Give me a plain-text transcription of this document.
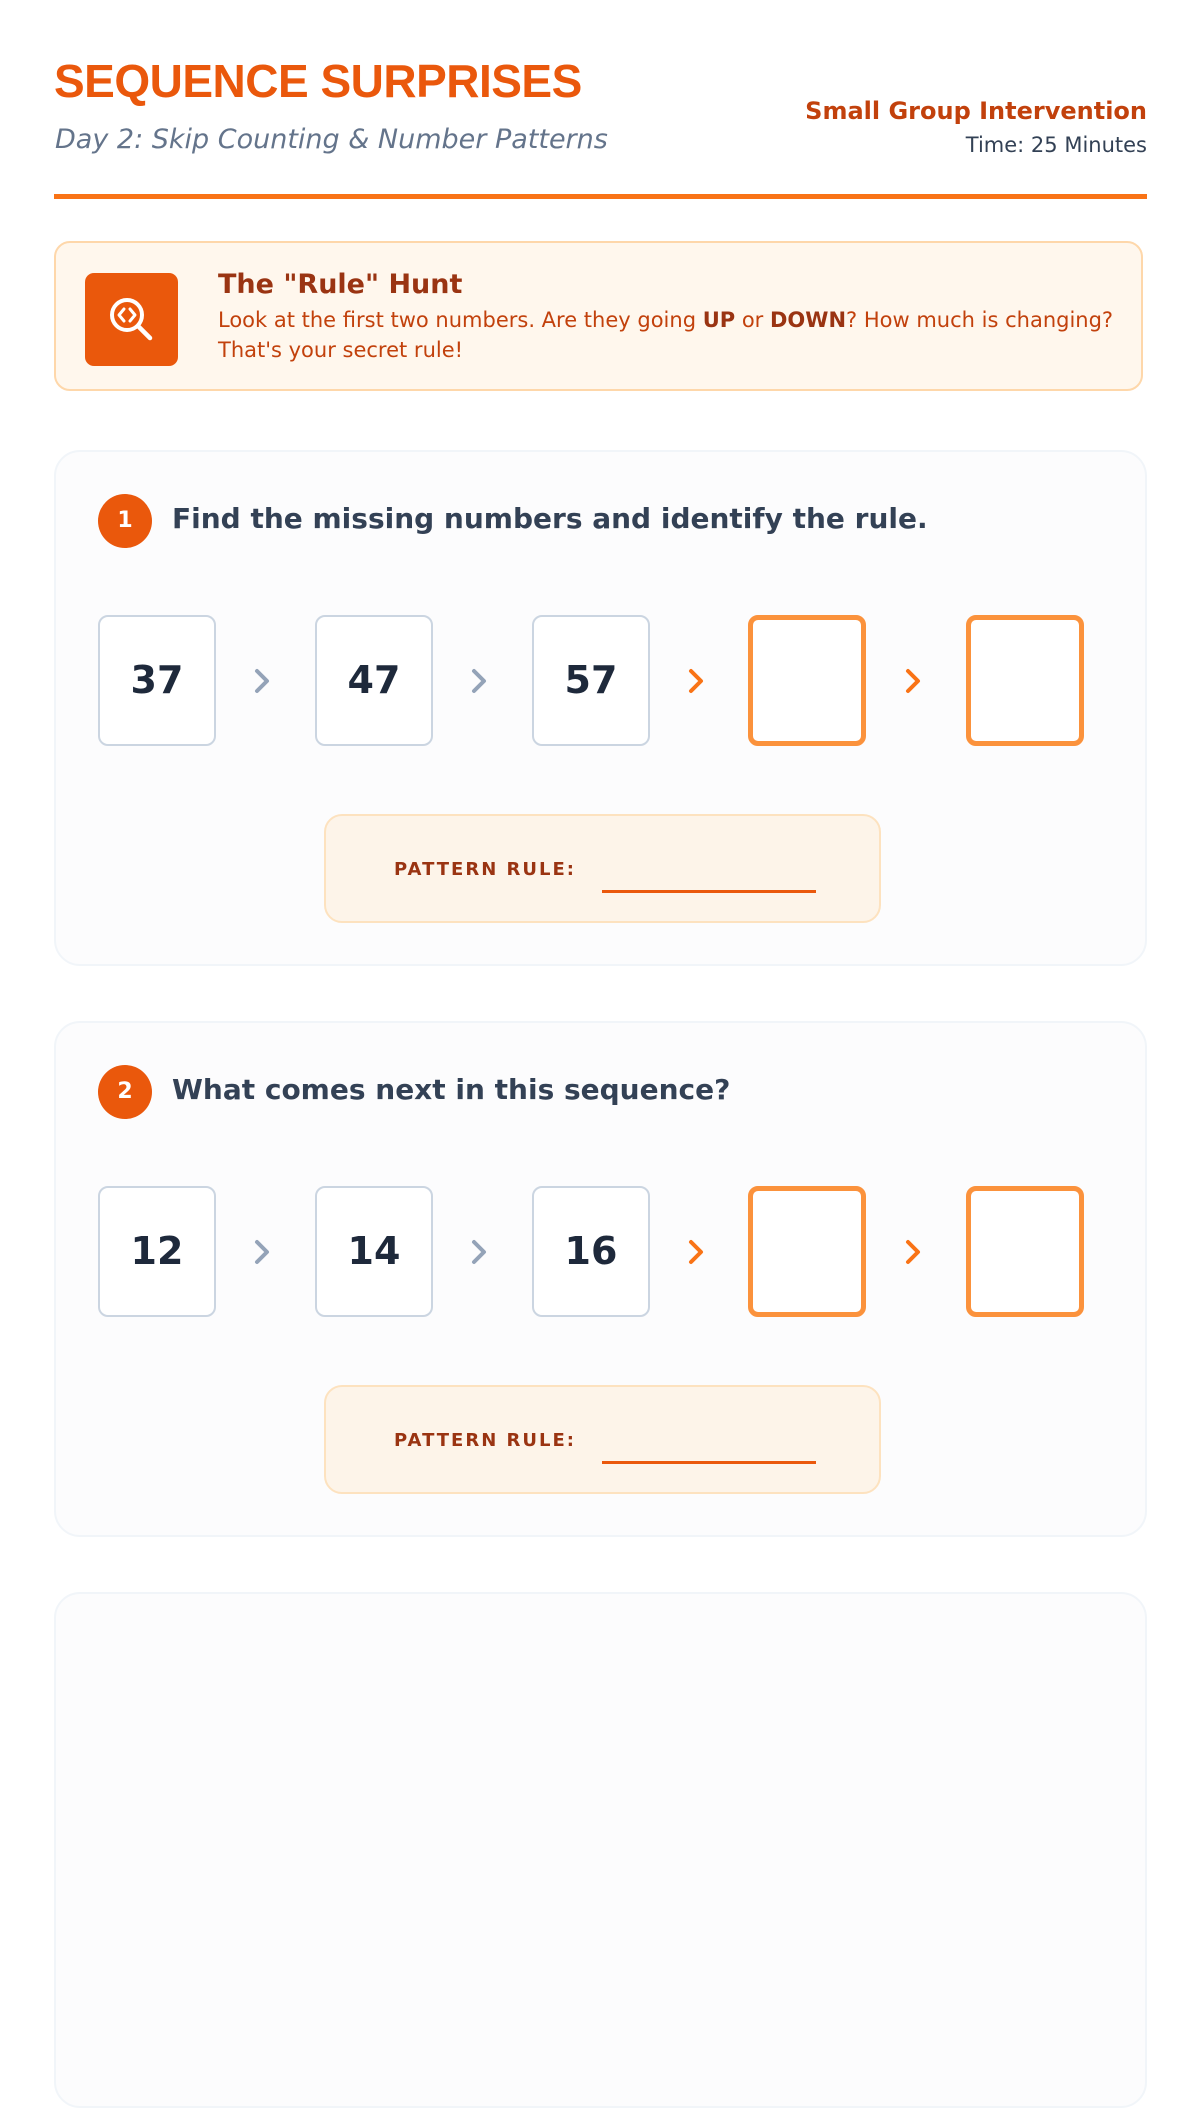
SEQUENCE SURPRISES
Day 2: Skip Counting & Number Patterns
Small Group Intervention
Time: 25 Minutes
The "Rule" Hunt
Look at the first two numbers. Are they going UP or DOWN? How much is changing? That's your secret rule!
1	Find the missing numbers and identify the rule.
37	47	57
PATTERN RULE:
2	What comes next in this sequence?
12	14	16
PATTERN RULE:
